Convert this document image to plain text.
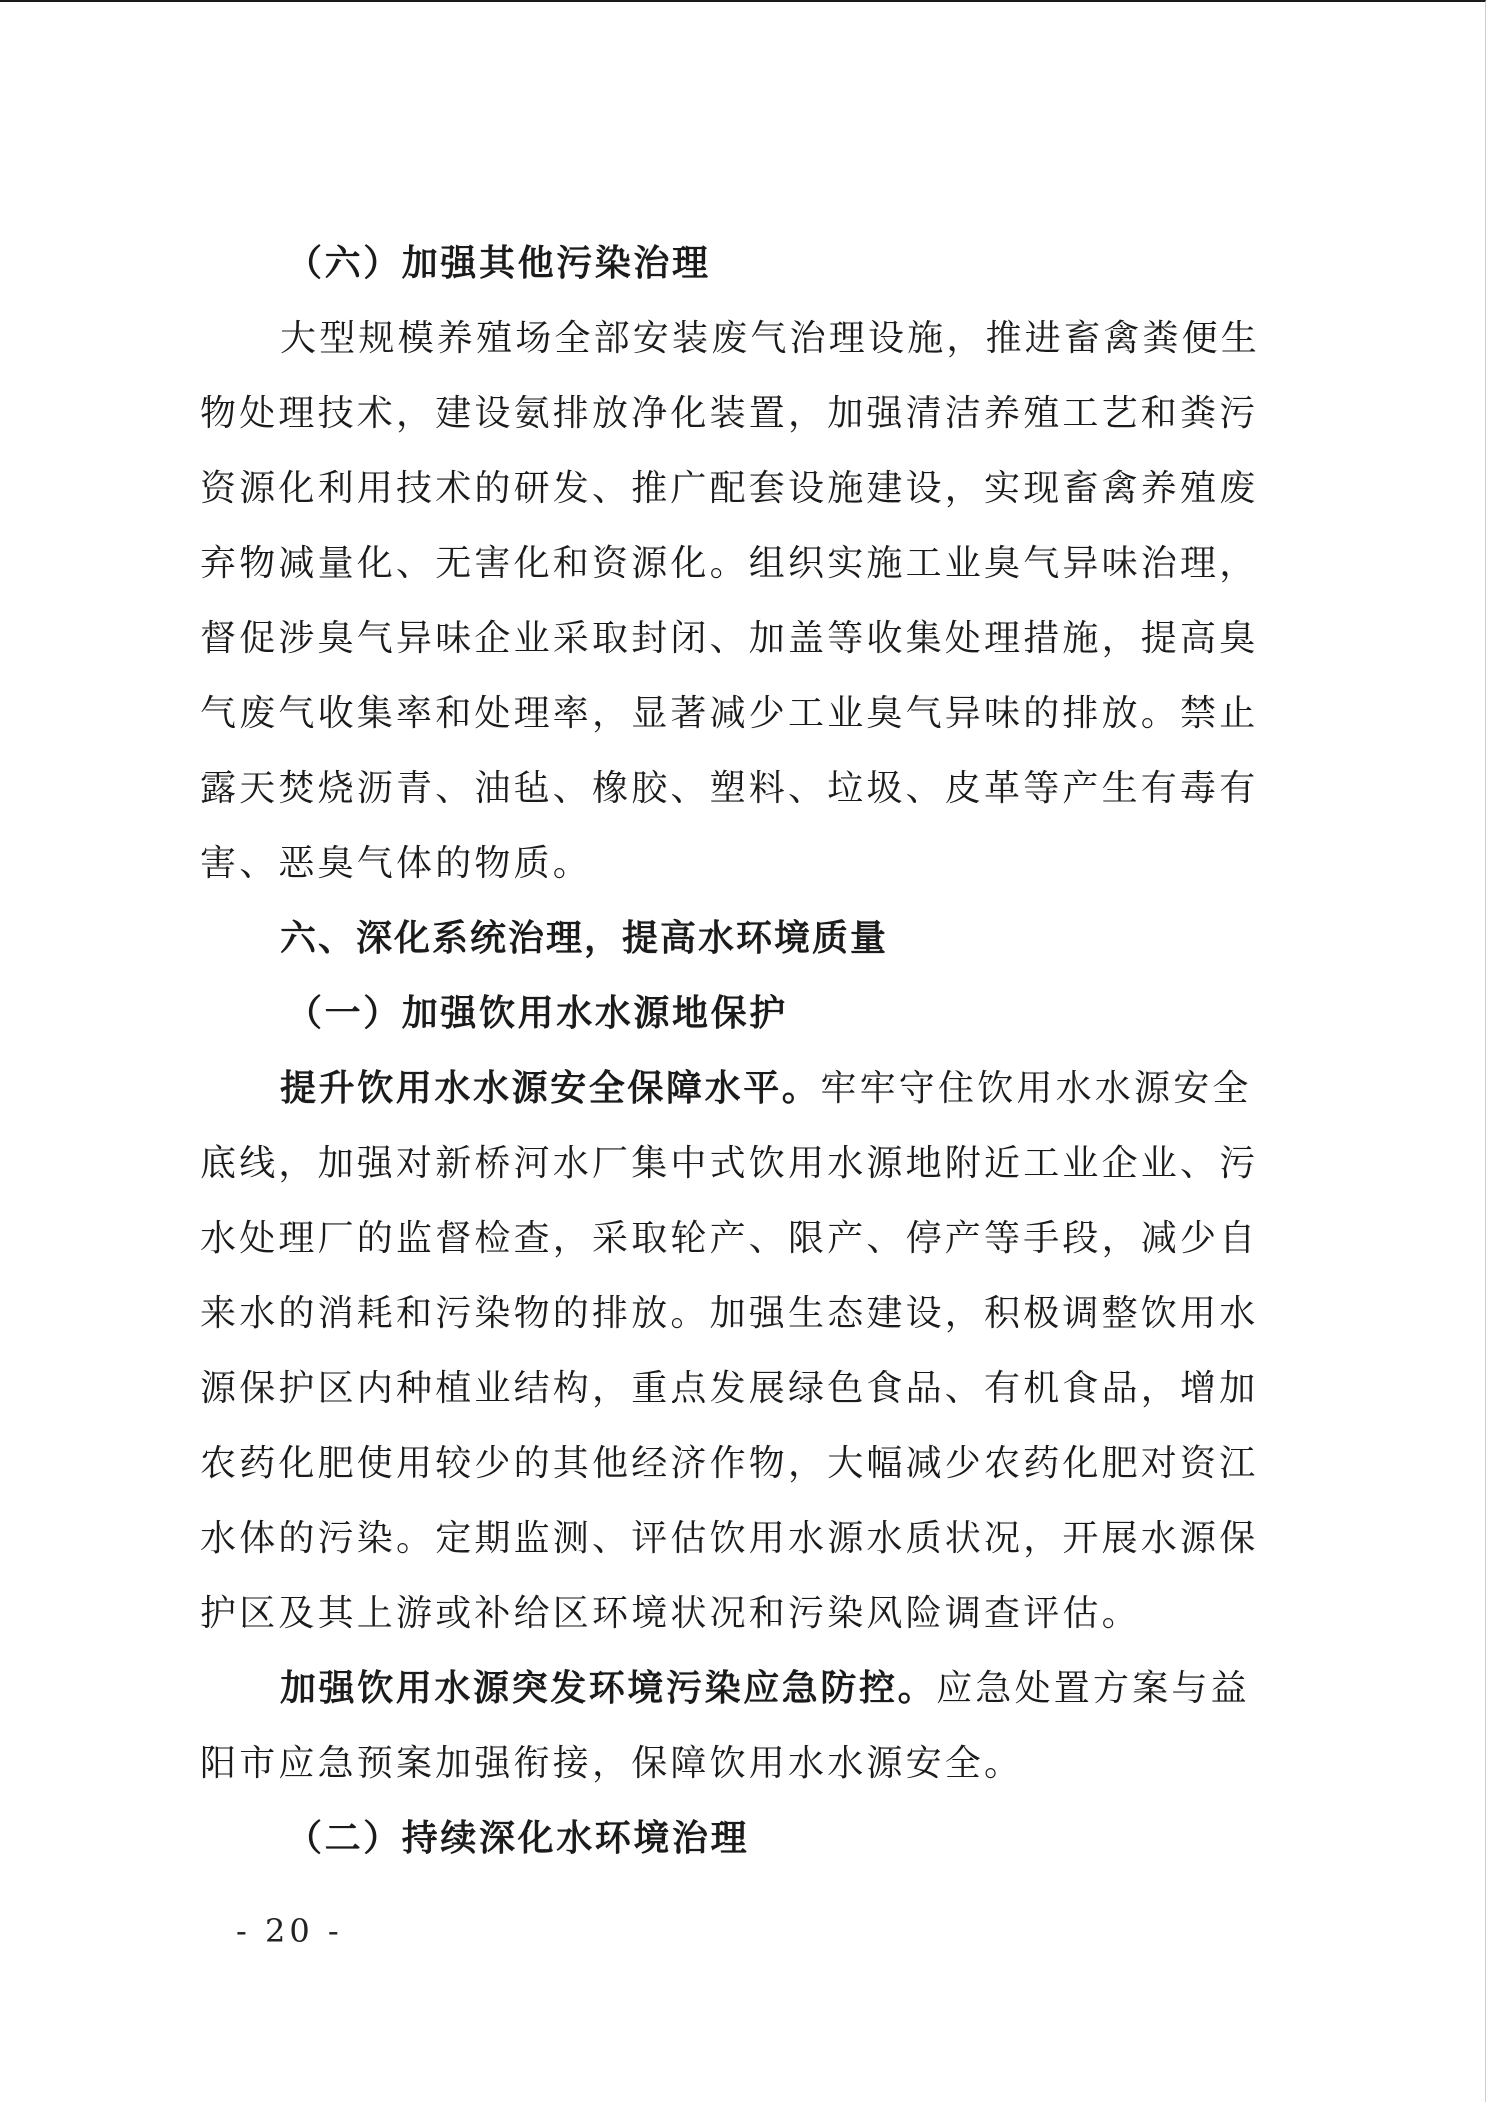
（六）加强其他污染治理
大型规模养殖场全部安装废气治理设施，推进畜禽粪便生
物处理技术，建设氨排放净化装置，加强清洁养殖工艺和粪污
资源化利用技术的研发、推广配套设施建设，实现畜禽养殖废
弃物减量化、无害化和资源化。组织实施工业臭气异味治理，
督促涉臭气异味企业采取封闭、加盖等收集处理措施，提高臭
气废气收集率和处理率，显著减少工业臭气异味的排放。禁止
露天焚烧沥青、油毡、橡胶、塑料、垃圾、皮革等产生有毒有
害、恶臭气体的物质。
六、深化系统治理，提高水环境质量
（一）加强饮用水水源地保护
提升饮用水水源安全保障水平。牢牢守住饮用水水源安全
底线，加强对新桥河水厂集中式饮用水源地附近工业企业、污
水处理厂的监督检查，采取轮产、限产、停产等手段，减少自
来水的消耗和污染物的排放。加强生态建设，积极调整饮用水
源保护区内种植业结构，重点发展绿色食品、有机食品，增加
农药化肥使用较少的其他经济作物，大幅减少农药化肥对资江
水体的污染。定期监测、评估饮用水源水质状况，开展水源保
护区及其上游或补给区环境状况和污染风险调查评估。
加强饮用水源突发环境污染应急防控。应急处置方案与益
阳市应急预案加强衔接，保障饮用水水源安全。
（二）持续深化水环境治理
- 20 -
